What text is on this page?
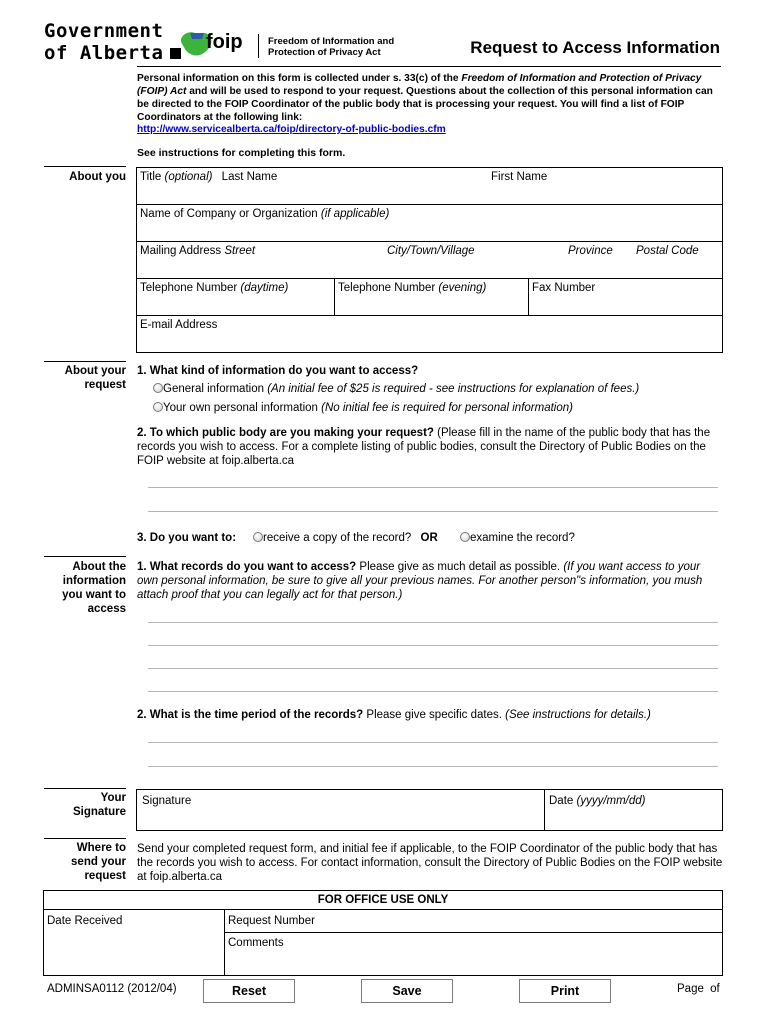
Government
of Alberta foip	Freedom of Information and
Protection of Privacy Act	Request to Access Information
Personal information on this form is collected under s. 33(c) of the Freedom of Information and Protection of Privacy (FOIP) Act and will be used to respond to your request. Questions about the collection of this personal information can be directed to the FOIP Coordinator of the public body that is processing your request. You will find a list of FOIP Coordinators at the following link:
http://www.servicealberta.ca/foip/directory-of-public-bodies.cfm
See instructions for completing this form.
About you Title (optional) Last Name	First Name
Name of Company or Organization (if applicable)
Mailing Address Street	City/Town/Village	Province Postal Code
Telephone Number (daytime)	Telephone Number (evening)	Fax Number
E-mail Address
About your
request
1. What kind of information do you want to access?
General information (An initial fee of $25 is required - see instructions for explanation of fees.)
Your own personal information (No initial fee is required for personal information)
2. To which public body are you making your request? (Please fill in the name of the public body that has the records you wish to access. For a complete listing of public bodies, consult the Directory of Public Bodies on the FOIP website at foip.alberta.ca
3. Do you want to:	receive a copy of the record? OR	examine the record?
About the
information
you want to
access
1. What records do you want to access? Please give as much detail as possible. (If you want access to your own personal information, be sure to give all your previous names. For another person"s information, you mush attach proof that you can legally act for that person.)
2. What is the time period of the records? Please give specific dates. (See instructions for details.)
Your
Signature
Signature	Date (yyyy/mm/dd)
Where to
send your
request
Send your completed request form, and initial fee if applicable, to the FOIP Coordinator of the public body that has the records you wish to access. For contact information, consult the Directory of Public Bodies on the FOIP website at foip.alberta.ca
FOR OFFICE USE ONLY
Date Received	Request Number
Comments
ADMINSA0112 (2012/04)	Reset	Save	Print	Page of
